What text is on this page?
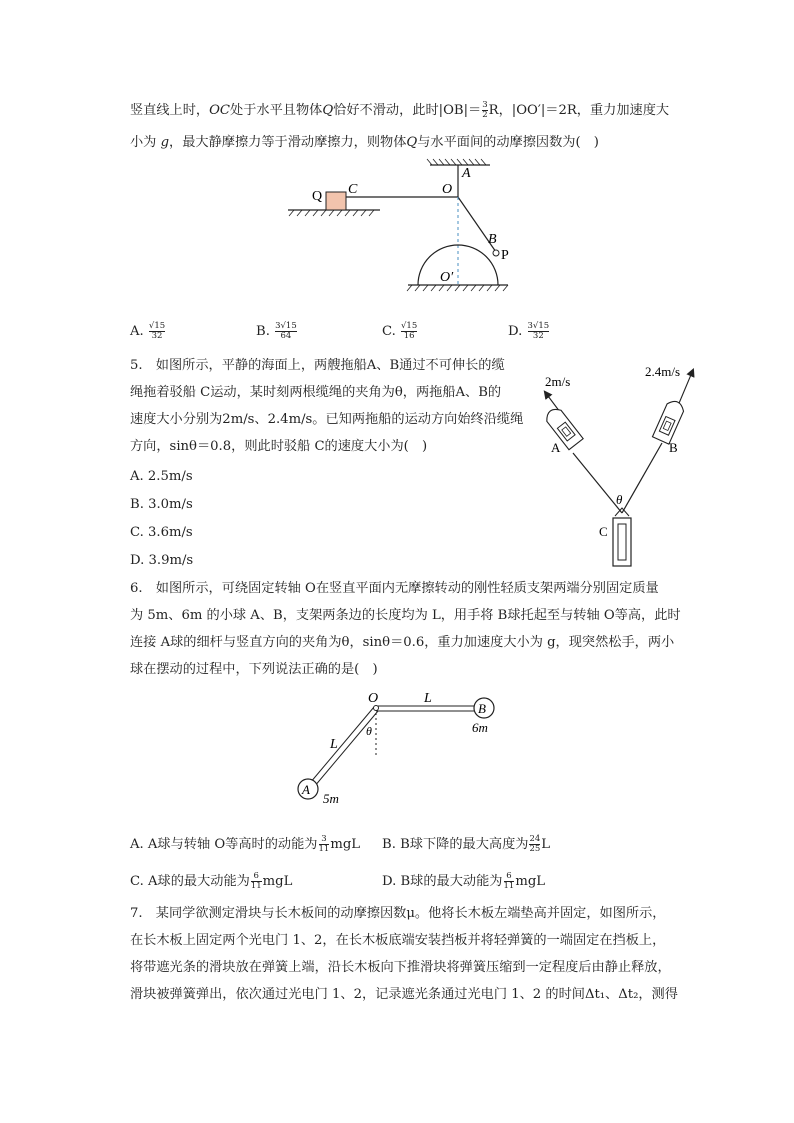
竖直线上时，OC处于水平且物体Q恰好不滑动，此时$|OB|= \frac{3}{2}$ R，|OO′|＝2R，重力加速度大
小为 g，最大静摩擦力等于滑动摩擦力，则物体Q与水平面间的动摩擦因数为(　)
Q C	O
A
B
P
O′
A. $\frac{√15}{32}$	B. $\frac{3√15}{64}$	C. $\frac{√15}{16}$	D. $\frac{3√15}{32}$
5.　如图所示，平静的海面上，两艘拖船A、B通过不可伸长的缆
绳拖着驳船 C运动，某时刻两根缆绳的夹角为θ，两拖船A、B的
速度大小分别为2m/s、2.4m/s。已知两拖船的运动方向始终沿缆绳
方向，sinθ＝0.8，则此时驳船 C的速度大小为(　)
A. 2.5m/s
B. 3.0m/s
C. 3.6m/s
D. 3.9m/s
2m/s
2.4m/s
A	B
C
θ
6.　如图所示，可绕固定转轴 O在竖直平面内无摩擦转动的刚性轻质支架两端分别固定质量
为 5m、6m 的小球 A、B，支架两条边的长度均为 L，用手将 B球托起至与转轴 O等高，此时
连接 A球的细杆与竖直方向的夹角为θ，sinθ＝0.6，重力加速度大小为 g，现突然松手，两小
球在摆动的过程中，下列说法正确的是(　)
O	L
L
B
6m
A
5m
θ
A. A球与转轴 O等高时的动能为 $\frac{3}{11}$ mgL B. B球下降的最大高度为 $\frac{24}{25}$ L
C. A球的最大动能为 $\frac{6}{11}$ mgL	D. B球的最大动能为 $\frac{6}{11}$ mgL
7.　某同学欲测定滑块与长木板间的动摩擦因数μ。他将长木板左端垫高并固定，如图所示，
在长木板上固定两个光电门 1、2，在长木板底端安装挡板并将轻弹簧的一端固定在挡板上，
将带遮光条的滑块放在弹簧上端，沿长木板向下推滑块将弹簧压缩到一定程度后由静止释放，
滑块被弹簧弹出，依次通过光电门 1、2，记录遮光条通过光电门 1、2 的时间Δt₁、Δt₂，测得
